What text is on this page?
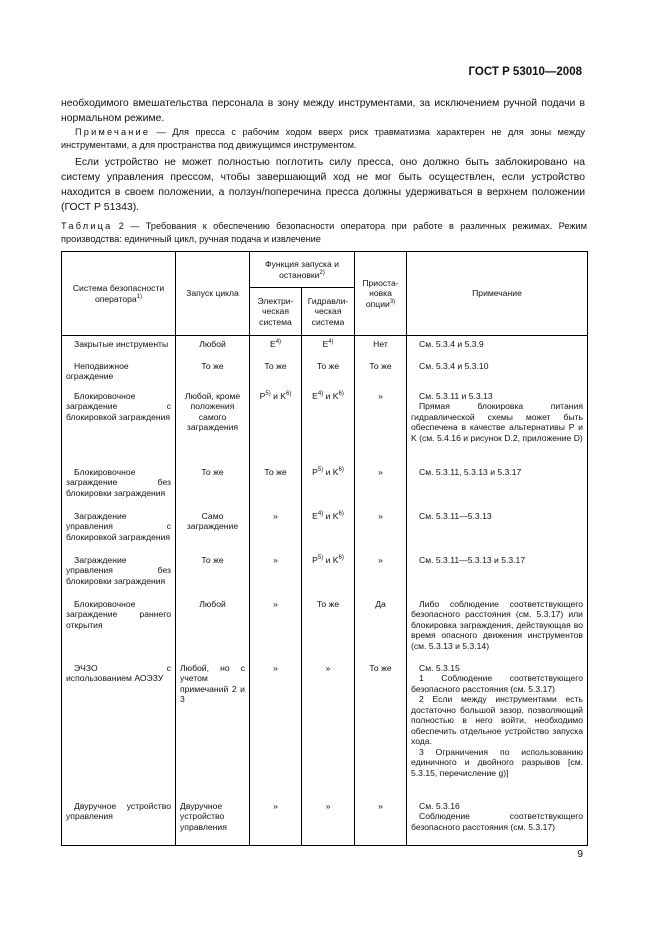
ГОСТ Р 53010—2008
необходимого вмешательства персонала в зону между инструментами, за исключением ручной подачи в нормальном режиме.
Примечание — Для пресса с рабочим ходом вверх риск травматизма характерен не для зоны между инструментами, а для пространства под движущимся инструментом.
Если устройство не может полностью поглотить силу пресса, оно должно быть заблокировано на систему управления прессом, чтобы завершающий ход не мог быть осуществлен, если устройство находится в своем положении, а ползун/поперечина пресса должны удерживаться в верхнем положении (ГОСТ Р 51343).
Таблица 2 — Требования к обеспечению безопасности оператора при работе в различных режимах. Режим производства: единичный цикл, ручная подача и извлечение
Система безопасности оператора$^{1)}$	Запуск цикла	Функция запуска и остановки$^{2)}$		Приоста-новка опции$^{3)}$	Примечание
		Электри-ческая система	Гидравли-ческая система		
Закрытые инструменты	Любой	$E^{4)}$	$E^{4)}$	Нет	См. 5.3.4 и 5.3.9

Неподвижное ограждение	То же	То же	То же	То же	См. 5.3.4 и 5.3.10

Блокировочное заграждение с блокировкой заграждения	Любой, кроме положения самого заграждения	$P^{5)}$ и $K^{6)}$	$E^{4)}$ и $K^{6)}$	»	См. 5.3.11 и 5.3.13
Прямая блокировка питания гидравлической схемы может быть обеспечена в качестве альтернативы P и K (см. 5.4.16 и рисунок D.2, приложение D)

Блокировочное заграждение без блокировки заграждения	То же	То же	$P^{5)}$ и $K^{6)}$	»	См. 5.3.11, 5.3.13 и 5.3.17

Заграждение управления с блокировкой заграждения	Само заграждение	»	$E^{4)}$ и $K^{6)}$	»	См. 5.3.11—5.3.13

Заграждение управления без блокировки заграждения	То же	»	$P^{5)}$ и $K^{6)}$	»	См. 5.3.11—5.3.13 и 5.3.17

Блокировочное заграждение раннего открытия	Любой	»	То же	Да	Либо соблюдение соответствующего безопасного расстояния (см. 5.3.17) или блокировка заграждения, действующая во время опасного движения инструментов (см. 5.3.13 и 5.3.14)

ЭЧЗО с использованием АОЭЗУ	Любой, но с учетом примечаний 2 и 3	»	»	То же	См. 5.3.15
1 Соблюдение соответствующего безопасного расстояния (см. 5.3.17)
2 Если между инструментами есть достаточно большой зазор, позволяющий полностью в него войти, необходимо обеспечить отдельное устройство запуска хода.
3 Ограничения по использованию единичного и двойного разрывов [см. 5.3.15, перечисление g)]

Двуручное устройство управления	Двуручное устройство управления	»	»	»	См. 5.3.16
Соблюдение соответствующего безопасного расстояния (см. 5.3.17)
9
